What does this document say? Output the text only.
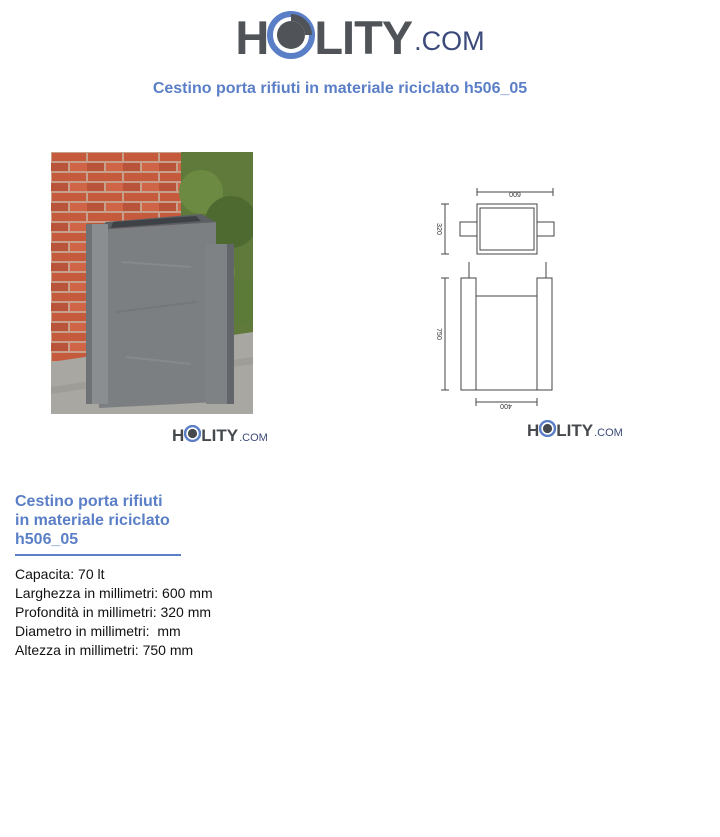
H LITY.COM
Cestino porta rifiuti in materiale riciclato h506_05
H LITY.COM
600
320
750
400
H LITY.COM
Cestino porta rifiuti
in materiale riciclato
h506_05
Capacita: 70 lt
Larghezza in millimetri: 600 mm
Profondità in millimetri: 320 mm
Diametro in millimetri:  mm
Altezza in millimetri: 750 mm
